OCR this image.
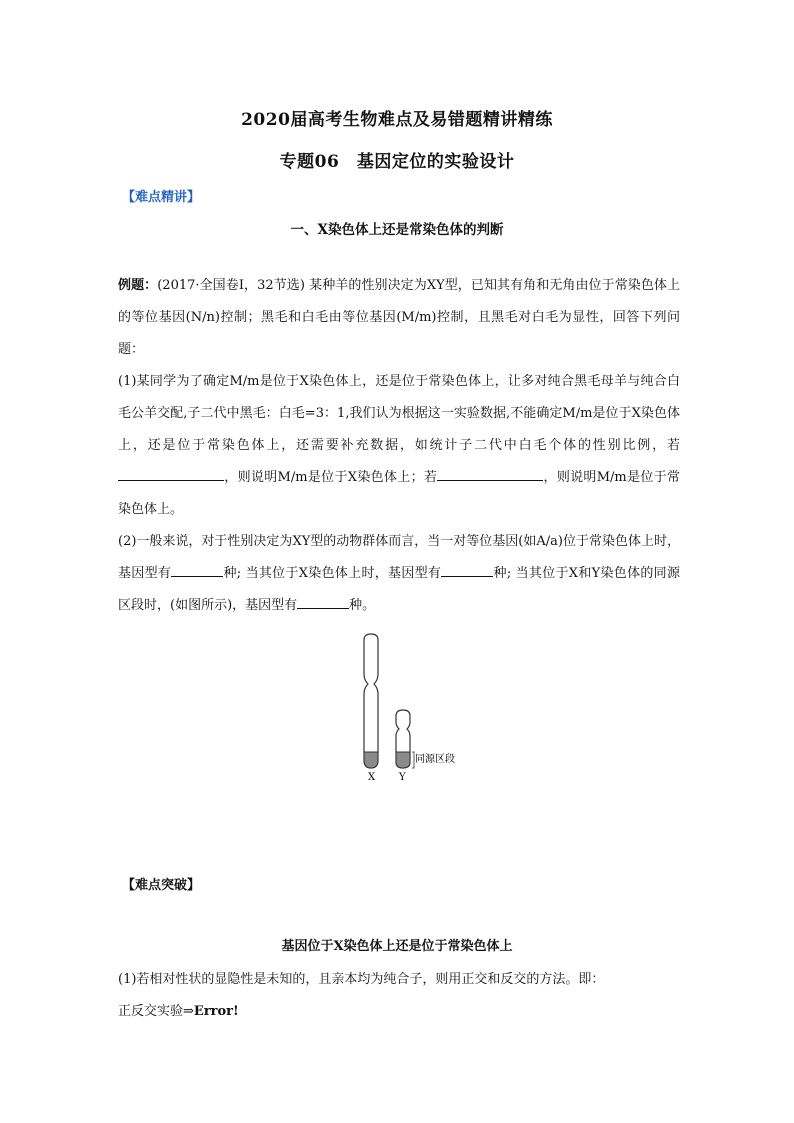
2020届高考生物难点及易错题精讲精练
专题06　基因定位的实验设计
【难点精讲】
一、X染色体上还是常染色体的判断

例题：(2017·全国卷Ⅰ，32节选) 某种羊的性别决定为XY型，已知其有角和无角由位于常染色体上的等位基因(N/n)控制；黑毛和白毛由等位基因(M/m)控制，且黑毛对白毛为显性，回答下列问题：

(1)某同学为了确定M/m是位于X染色体上，还是位于常染色体上，让多对纯合黑毛母羊与纯合白毛公羊交配,子二代中黑毛：白毛=3：1,我们认为根据这一实验数据,不能确定M/m是位于X染色体上，还是位于常染色体上，还需要补充数据，如统计子二代中白毛个体的性别比例，若，则说明M/m是位于X染色体上；若	，则说明M/m是位于常染色体上。

(2)一般来说，对于性别决定为XY型的动物群体而言，当一对等位基因(如A/a)位于常染色体上时，基因型有	种; 当其位于X染色体上时，基因型有	种; 当其位于X和Y染色体的同源区段时，(如图所示)，基因型有	种。

同源区段
X Y
【难点突破】
基因位于X染色体上还是位于常染色体上
(1)若相对性状的显隐性是未知的，且亲本均为纯合子，则用正交和反交的方法。即：
正反交实验⇒Error!
